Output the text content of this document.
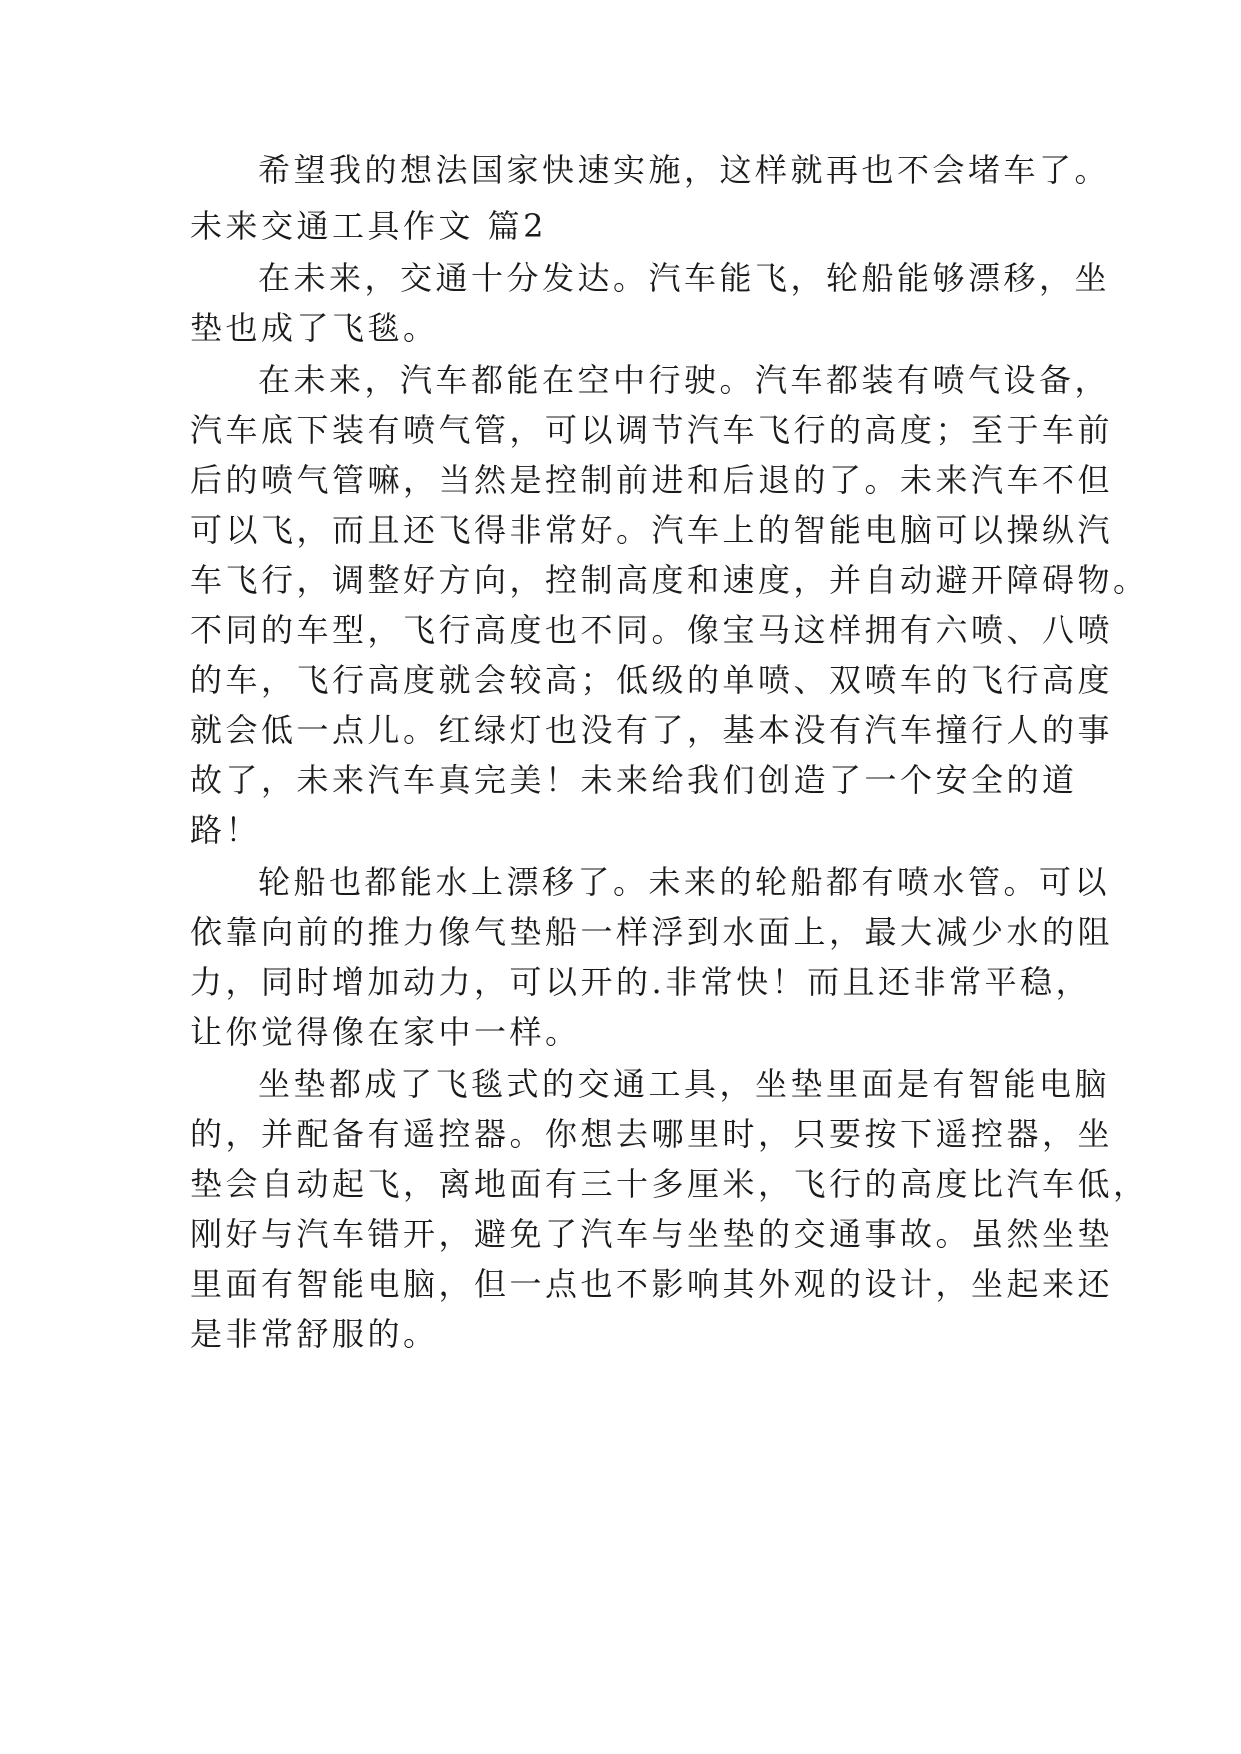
希望我的想法国家快速实施，这样就再也不会堵车了。
未来交通工具作文 篇2
在未来，交通十分发达。汽车能飞，轮船能够漂移，坐
垫也成了飞毯。
在未来，汽车都能在空中行驶。汽车都装有喷气设备，
汽车底下装有喷气管，可以调节汽车飞行的高度；至于车前
后的喷气管嘛，当然是控制前进和后退的了。未来汽车不但
可以飞，而且还飞得非常好。汽车上的智能电脑可以操纵汽
车飞行，调整好方向，控制高度和速度，并自动避开障碍物。
不同的车型，飞行高度也不同。像宝马这样拥有六喷、八喷
的车，飞行高度就会较高；低级的单喷、双喷车的飞行高度
就会低一点儿。红绿灯也没有了，基本没有汽车撞行人的事
故了，未来汽车真完美！未来给我们创造了一个安全的道
路！
轮船也都能水上漂移了。未来的轮船都有喷水管。可以
依靠向前的推力像气垫船一样浮到水面上，最大减少水的阻
力，同时增加动力，可以开的.非常快！而且还非常平稳，
让你觉得像在家中一样。
坐垫都成了飞毯式的交通工具，坐垫里面是有智能电脑
的，并配备有遥控器。你想去哪里时，只要按下遥控器，坐
垫会自动起飞，离地面有三十多厘米，飞行的高度比汽车低，
刚好与汽车错开，避免了汽车与坐垫的交通事故。虽然坐垫
里面有智能电脑，但一点也不影响其外观的设计，坐起来还
是非常舒服的。
